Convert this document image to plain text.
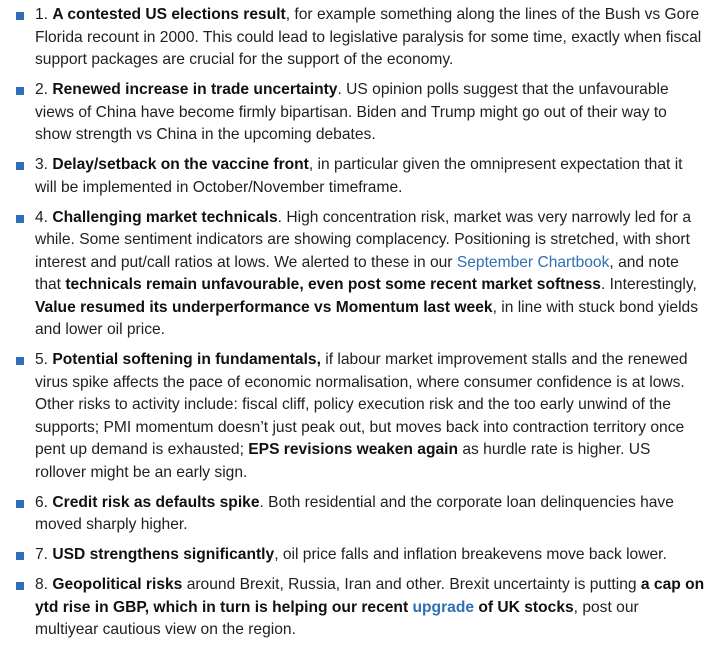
1. A contested US elections result, for example something along the lines of the Bush vs Gore Florida recount in 2000. This could lead to legislative paralysis for some time, exactly when fiscal support packages are crucial for the support of the economy.
2. Renewed increase in trade uncertainty. US opinion polls suggest that the unfavourable views of China have become firmly bipartisan. Biden and Trump might go out of their way to show strength vs China in the upcoming debates.
3. Delay/setback on the vaccine front, in particular given the omnipresent expectation that it will be implemented in October/November timeframe.
4. Challenging market technicals. High concentration risk, market was very narrowly led for a while. Some sentiment indicators are showing complacency. Positioning is stretched, with short interest and put/call ratios at lows. We alerted to these in our September Chartbook, and note that technicals remain unfavourable, even post some recent market softness. Interestingly, Value resumed its underperformance vs Momentum last week, in line with stuck bond yields and lower oil price.
5. Potential softening in fundamentals, if labour market improvement stalls and the renewed virus spike affects the pace of economic normalisation, where consumer confidence is at lows. Other risks to activity include: fiscal cliff, policy execution risk and the too early unwind of the supports; PMI momentum doesn’t just peak out, but moves back into contraction territory once pent up demand is exhausted; EPS revisions weaken again as hurdle rate is higher. US rollover might be an early sign.
6. Credit risk as defaults spike. Both residential and the corporate loan delinquencies have moved sharply higher.
7. USD strengthens significantly, oil price falls and inflation breakevens move back lower.
8. Geopolitical risks around Brexit, Russia, Iran and other. Brexit uncertainty is putting a cap on ytd rise in GBP, which in turn is helping our recent upgrade of UK stocks, post our multiyear cautious view on the region.
